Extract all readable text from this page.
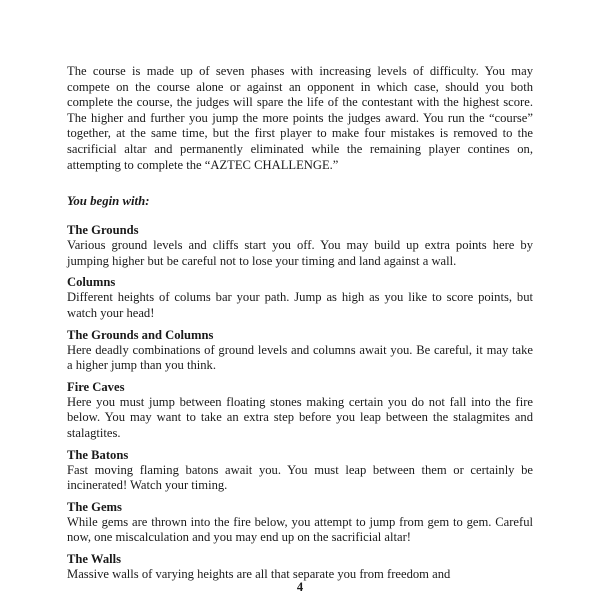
The course is made up of seven phases with increasing levels of difficulty. You may compete on the course alone or against an opponent in which case, should you both complete the course, the judges will spare the life of the contestant with the highest score. The higher and further you jump the more points the judges award. You run the “course” together, at the same time, but the first player to make four mistakes is removed to the sacrificial altar and permanently eliminated while the remaining player contines on, attempting to complete the “AZTEC CHALLENGE.”

You begin with:

The Grounds

Various ground levels and cliffs start you off. You may build up extra points here by jumping higher but be careful not to lose your timing and land against a wall.

Columns

Different heights of colums bar your path. Jump as high as you like to score points, but watch your head!

The Grounds and Columns

Here deadly combinations of ground levels and columns await you. Be careful, it may take a higher jump than you think.

Fire Caves

Here you must jump between floating stones making certain you do not fall into the fire below. You may want to take an extra step before you leap between the stalagmites and stalagtites.

The Batons

Fast moving flaming batons await you. You must leap between them or certainly be incinerated! Watch your timing.

The Gems

While gems are thrown into the fire below, you attempt to jump from gem to gem. Careful now, one miscalculation and you may end up on the sacrificial altar!

The Walls

Massive walls of varying heights are all that separate you from freedom and

4
